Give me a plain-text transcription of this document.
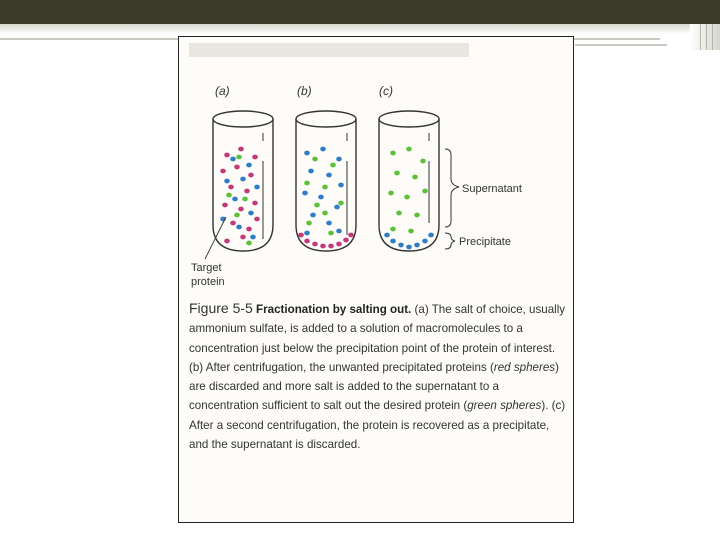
(a)	(b)	(c)
Supernatant
Precipitate
Target
protein
Figure 5-5 Fractionation by salting out. (a) The salt of choice, usually ammonium sulfate, is added to a solution of macromolecules to a concentration just below the precipitation point of the protein of interest. (b) After centrifugation, the unwanted precipitated proteins (red spheres) are discarded and more salt is added to the supernatant to a concentration sufficient to salt out the desired protein (green spheres). (c) After a second centrifugation, the protein is recovered as a precipitate, and the supernatant is discarded.
